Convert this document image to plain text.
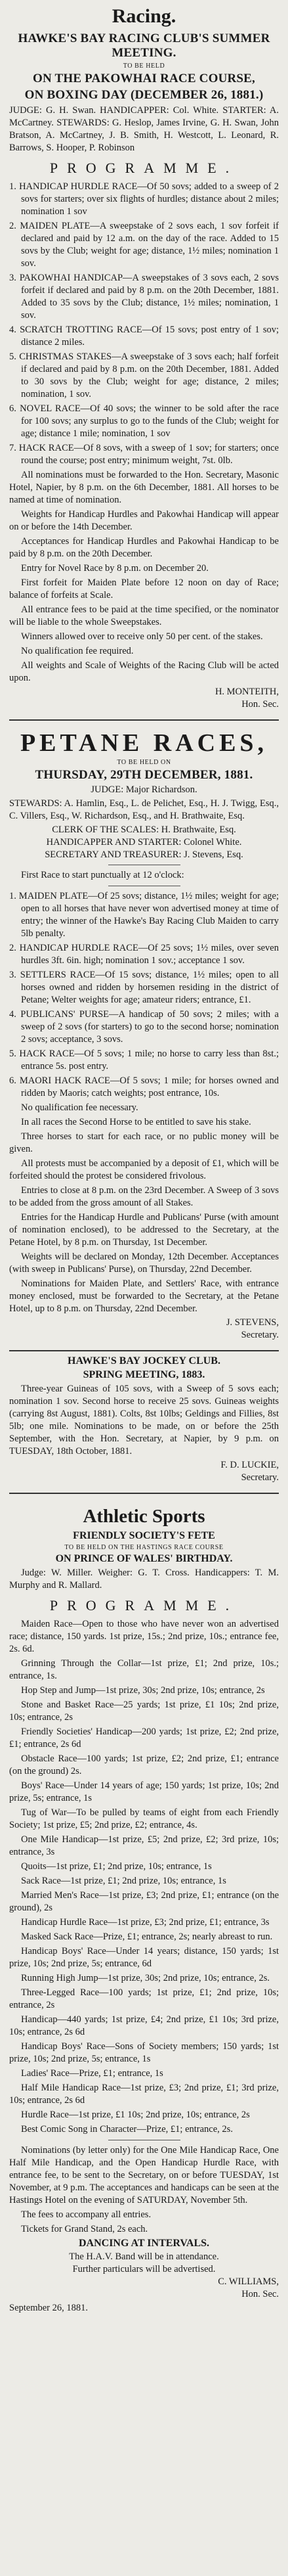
Racing.
HAWKE'S BAY RACING CLUB'S SUMMER MEETING.
TO BE HELD
ON THE PAKOWHAI RACE COURSE,
ON BOXING DAY (DECEMBER 26, 1881.)

JUDGE: G. H. Swan. HANDICAPPER: Col. White. STARTER: A. McCartney. STEWARDS: G. Heslop, James Irvine, G. H. Swan, John Bratson, A. McCartney, J. B. Smith, H. Westcott, L. Leonard, R. Barrows, S. Hooper, P. Robinson

PROGRAMME.

1. HANDICAP HURDLE RACE—Of 50 sovs; added to a sweep of 2 sovs for starters; over six flights of hurdles; distance about 2 miles; nomination 1 sov

2. MAIDEN PLATE—A sweepstake of 2 sovs each, 1 sov forfeit if declared and paid by 12 a.m. on the day of the race. Added to 15 sovs by the Club; weight for age; distance, 1½ miles; nomination 1 sov.

3. PAKOWHAI HANDICAP—A sweepstakes of 3 sovs each, 2 sovs forfeit if declared and paid by 8 p.m. on the 20th December, 1881. Added to 35 sovs by the Club; distance, 1½ miles; nomination, 1 sov.

4. SCRATCH TROTTING RACE—Of 15 sovs; post entry of 1 sov; distance 2 miles.

5. CHRISTMAS STAKES—A sweepstake of 3 sovs each; half forfeit if declared and paid by 8 p.m. on the 20th December, 1881. Added to 30 sovs by the Club; weight for age; distance, 2 miles; nomination, 1 sov.

6. NOVEL RACE—Of 40 sovs; the winner to be sold after the race for 100 sovs; any surplus to go to the funds of the Club; weight for age; distance 1 mile; nomination, 1 sov

7. HACK RACE—Of 8 sovs, with a sweep of 1 sov; for starters; once round the course; post entry; minimum weight, 7st. 0lb.

All nominations must be forwarded to the Hon. Secretary, Masonic Hotel, Napier, by 8 p.m. on the 6th December, 1881. All horses to be named at time of nomination.

Weights for Handicap Hurdles and Pakowhai Handicap will appear on or before the 14th December.

Acceptances for Handicap Hurdles and Pakowhai Handicap to be paid by 8 p.m. on the 20th December.

Entry for Novel Race by 8 p.m. on December 20.

First forfeit for Maiden Plate before 12 noon on day of Race; balance of forfeits at Scale.

All entrance fees to be paid at the time specified, or the nominator will be liable to the whole Sweepstakes.

Winners allowed over to receive only 50 per cent. of the stakes.

No qualification fee required.

All weights and Scale of Weights of the Racing Club will be acted upon.

H. MONTEITH,
Hon. Sec.
PETANE RACES,
TO BE HELD ON
THURSDAY, 29TH DECEMBER, 1881.
JUDGE: Major Richardson.

STEWARDS: A. Hamlin, Esq., L. de Pelichet, Esq., H. J. Twigg, Esq., C. Villers, Esq., W. Richardson, Esq., and H. Brathwaite, Esq.

CLERK OF THE SCALES: H. Brathwaite, Esq.
HANDICAPPER AND STARTER: Colonel White.
SECRETARY AND TREASURER: J. Stevens, Esq.

First Race to start punctually at 12 o'clock:

1. MAIDEN PLATE—Of 25 sovs; distance, 1½ miles; weight for age; open to all horses that have never won advertised money at time of entry; the winner of the Hawke's Bay Racing Club Maiden to carry 5lb penalty.

2. HANDICAP HURDLE RACE—Of 25 sovs; 1½ miles, over seven hurdles 3ft. 6in. high; nomination 1 sov.; acceptance 1 sov.

3. SETTLERS RACE—Of 15 sovs; distance, 1½ miles; open to all horses owned and ridden by horsemen residing in the district of Petane; Welter weights for age; amateur riders; entrance, £1.

4. PUBLICANS' PURSE—A handicap of 50 sovs; 2 miles; with a sweep of 2 sovs (for starters) to go to the second horse; nomination 2 sovs; acceptance, 3 sovs.

5. HACK RACE—Of 5 sovs; 1 mile; no horse to carry less than 8st.; entrance 5s. post entry.

6. MAORI HACK RACE—Of 5 sovs; 1 mile; for horses owned and ridden by Maoris; catch weights; post entrance, 10s.

No qualification fee necessary.

In all races the Second Horse to be entitled to save his stake.

Three horses to start for each race, or no public money will be given.

All protests must be accompanied by a deposit of £1, which will be forfeited should the protest be considered frivolous.

Entries to close at 8 p.m. on the 23rd December. A Sweep of 3 sovs to be added from the gross amount of all Stakes.

Entries for the Handicap Hurdle and Publicans' Purse (with amount of nomination enclosed), to be addressed to the Secretary, at the Petane Hotel, by 8 p.m. on Thursday, 1st December.

Weights will be declared on Monday, 12th December. Acceptances (with sweep in Publicans' Purse), on Thursday, 22nd December.

Nominations for Maiden Plate, and Settlers' Race, with entrance money enclosed, must be forwarded to the Secretary, at the Petane Hotel, up to 8 p.m. on Thursday, 22nd December.

J. STEVENS,
Secretary.
HAWKE'S BAY JOCKEY CLUB.
SPRING MEETING, 1883.

Three-year Guineas of 105 sovs, with a Sweep of 5 sovs each; nomination 1 sov. Second horse to receive 25 sovs. Guineas weights (carrying 8st August, 1881). Colts, 8st 10lbs; Geldings and Fillies, 8st 5lb; one mile. Nominations to be made, on or before the 25th September, with the Hon. Secretary, at Napier, by 9 p.m. on TUESDAY, 18th October, 1881.

F. D. LUCKIE,
Secretary.
Athletic Sports
FRIENDLY SOCIETY'S FETE
TO BE HELD ON THE HASTINGS RACE COURSE
ON PRINCE OF WALES' BIRTHDAY.

Judge: W. Miller. Weigher: G. T. Cross. Handicappers: T. M. Murphy and R. Mallard.

PROGRAMME.

Maiden Race—Open to those who have never won an advertised race; distance, 150 yards. 1st prize, 15s.; 2nd prize, 10s.; entrance fee, 2s. 6d.

Grinning Through the Collar—1st prize, £1; 2nd prize, 10s.; entrance, 1s.

Hop Step and Jump—1st prize, 30s; 2nd prize, 10s; entrance, 2s

Stone and Basket Race—25 yards; 1st prize, £1 10s; 2nd prize, 10s; entrance, 2s

Friendly Societies' Handicap—200 yards; 1st prize, £2; 2nd prize, £1; entrance, 2s 6d

Obstacle Race—100 yards; 1st prize, £2; 2nd prize, £1; entrance (on the ground) 2s.

Boys' Race—Under 14 years of age; 150 yards; 1st prize, 10s; 2nd prize, 5s; entrance, 1s

Tug of War—To be pulled by teams of eight from each Friendly Society; 1st prize, £5; 2nd prize, £2; entrance, 4s.

One Mile Handicap—1st prize, £5; 2nd prize, £2; 3rd prize, 10s; entrance, 3s

Quoits—1st prize, £1; 2nd prize, 10s; entrance, 1s

Sack Race—1st prize, £1; 2nd prize, 10s; entrance, 1s

Married Men's Race—1st prize, £3; 2nd prize, £1; entrance (on the ground), 2s

Handicap Hurdle Race—1st prize, £3; 2nd prize, £1; entrance, 3s

Masked Sack Race—Prize, £1; entrance, 2s; nearly abreast to run.

Handicap Boys' Race—Under 14 years; distance, 150 yards; 1st prize, 10s; 2nd prize, 5s; entrance, 6d

Running High Jump—1st prize, 30s; 2nd prize, 10s; entrance, 2s.

Three-Legged Race—100 yards; 1st prize, £1; 2nd prize, 10s; entrance, 2s

Handicap—440 yards; 1st prize, £4; 2nd prize, £1 10s; 3rd prize, 10s; entrance, 2s 6d

Handicap Boys' Race—Sons of Society members; 150 yards; 1st prize, 10s; 2nd prize, 5s; entrance, 1s

Ladies' Race—Prize, £1; entrance, 1s

Half Mile Handicap Race—1st prize, £3; 2nd prize, £1; 3rd prize, 10s; entrance, 2s 6d

Hurdle Race—1st prize, £1 10s; 2nd prize, 10s; entrance, 2s

Best Comic Song in Character—Prize, £1; entrance, 2s.

Nominations (by letter only) for the One Mile Handicap Race, One Half Mile Handicap, and the Open Handicap Hurdle Race, with entrance fee, to be sent to the Secretary, on or before TUESDAY, 1st November, at 9 p.m. The acceptances and handicaps can be seen at the Hastings Hotel on the evening of SATURDAY, November 5th.

The fees to accompany all entries.

Tickets for Grand Stand, 2s each.

DANCING AT INTERVALS.
The H.A.V. Band will be in attendance.
Further particulars will be advertised.
C. WILLIAMS,
Hon. Sec.

September 26, 1881.
